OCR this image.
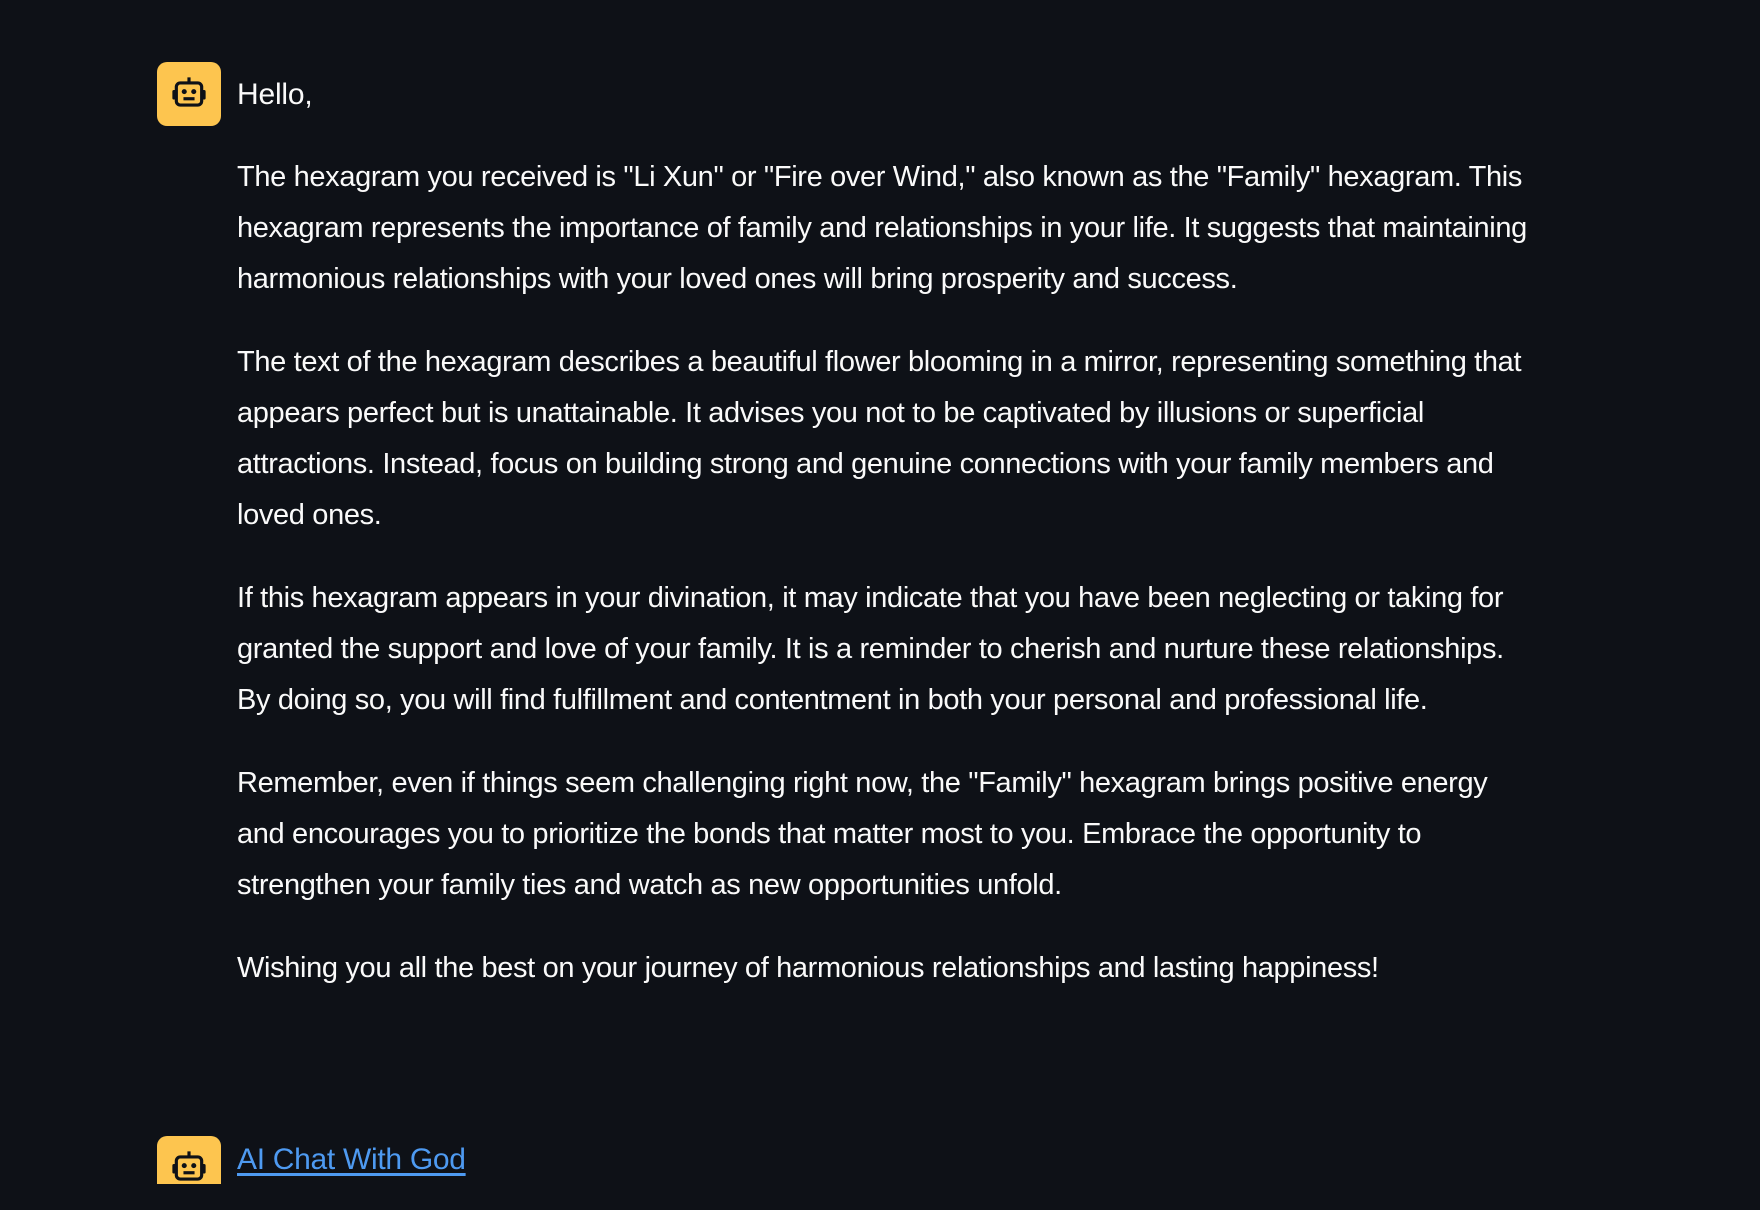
Hello,

The hexagram you received is "Li Xun" or "Fire over Wind," also known as the "Family" hexagram. This hexagram represents the importance of family and relationships in your life. It suggests that maintaining harmonious relationships with your loved ones will bring prosperity and success.

The text of the hexagram describes a beautiful flower blooming in a mirror, representing something that appears perfect but is unattainable. It advises you not to be captivated by illusions or superficial attractions. Instead, focus on building strong and genuine connections with your family members and loved ones.

If this hexagram appears in your divination, it may indicate that you have been neglecting or taking for granted the support and love of your family. It is a reminder to cherish and nurture these relationships. By doing so, you will find fulfillment and contentment in both your personal and professional life.

Remember, even if things seem challenging right now, the "Family" hexagram brings positive energy and encourages you to prioritize the bonds that matter most to you. Embrace the opportunity to strengthen your family ties and watch as new opportunities unfold.

Wishing you all the best on your journey of harmonious relationships and lasting happiness!

AI Chat With God
